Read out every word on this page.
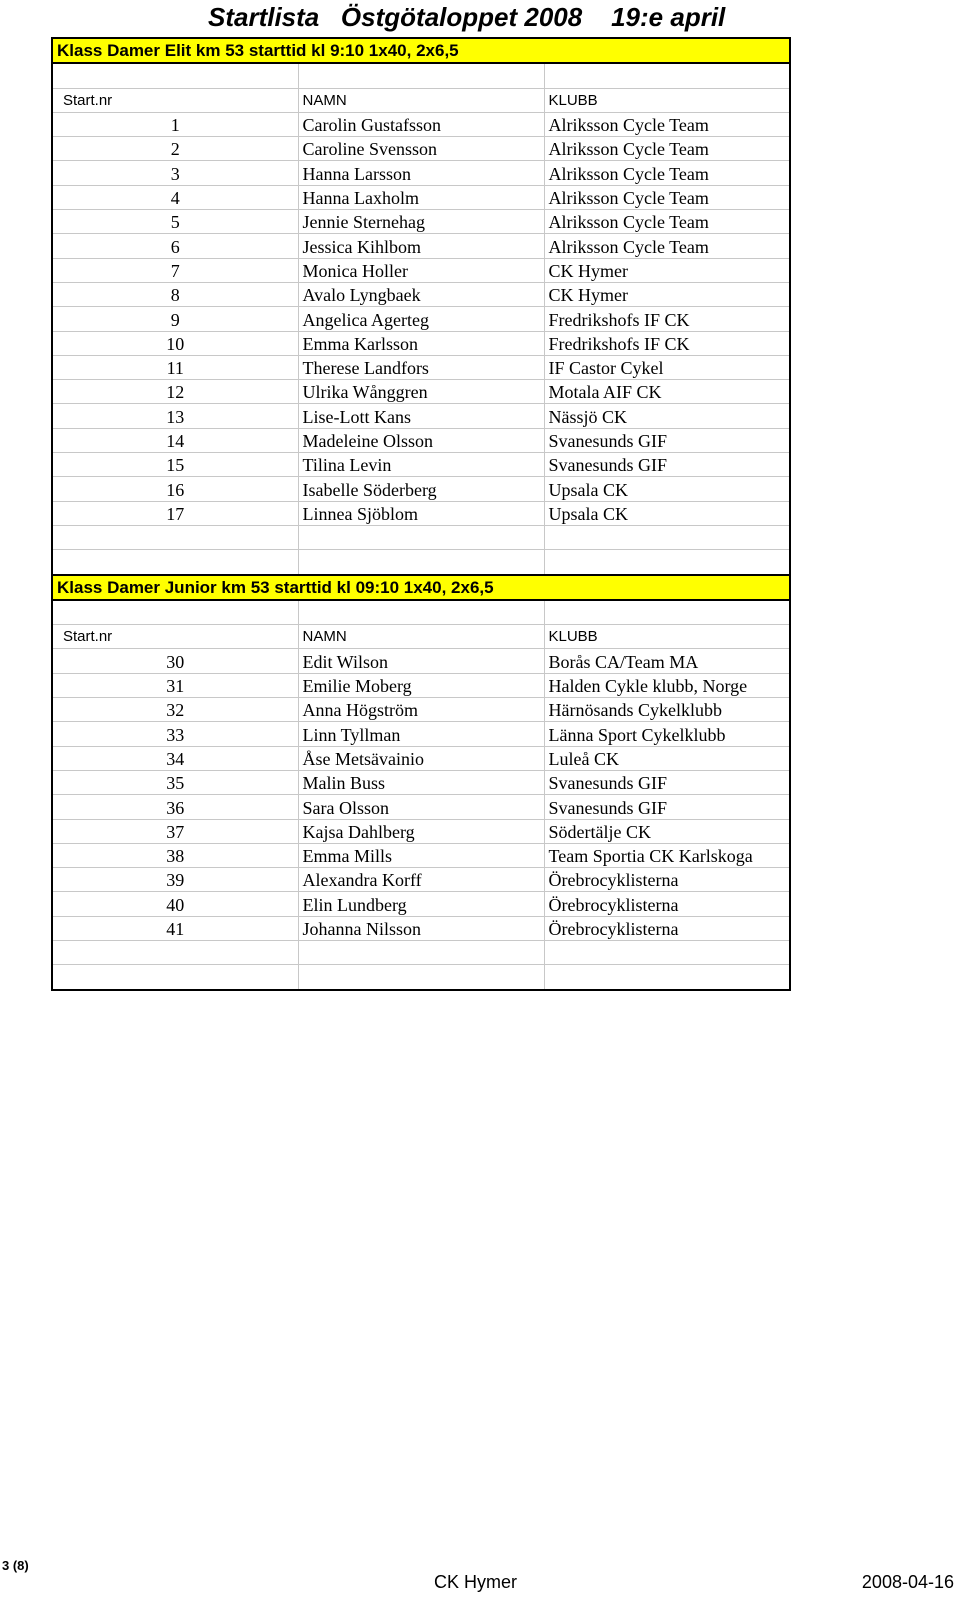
Startlista   Östgötaloppet 2008    19:e april
Klass Damer Elit km 53 starttid kl 9:10 1x40, 2x6,5		

Start.nr	NAMN	KLUBB
1	Carolin Gustafsson	Alriksson Cycle Team
2	Caroline Svensson	Alriksson Cycle Team
3	Hanna Larsson	Alriksson Cycle Team
4	Hanna Laxholm	Alriksson Cycle Team
5	Jennie Sternehag	Alriksson Cycle Team
6	Jessica Kihlbom	Alriksson Cycle Team
7	Monica Holler	CK Hymer
8	Avalo Lyngbaek	CK Hymer
9	Angelica Agerteg	Fredrikshofs IF CK
10	Emma Karlsson	Fredrikshofs IF CK
11	Therese Landfors	IF Castor Cykel
12	Ulrika Wånggren	Motala AIF CK
13	Lise-Lott Kans	Nässjö CK
14	Madeleine Olsson	Svanesunds GIF
15	Tilina Levin	Svanesunds GIF
16	Isabelle Söderberg	Upsala CK
17	Linnea Sjöblom	Upsala CK

Klass Damer Junior km 53 starttid kl 09:10 1x40, 2x6,5		

Start.nr	NAMN	KLUBB
30	Edit Wilson	Borås CA/Team MA
31	Emilie Moberg	Halden Cykle klubb, Norge
32	Anna Högström	Härnösands Cykelklubb
33	Linn Tyllman	Länna Sport Cykelklubb
34	Åse Metsävainio	Luleå CK
35	Malin Buss	Svanesunds GIF
36	Sara Olsson	Svanesunds GIF
37	Kajsa Dahlberg	Södertälje CK
38	Emma Mills	Team Sportia CK Karlskoga
39	Alexandra Korff	Örebrocyklisterna
40	Elin Lundberg	Örebrocyklisterna
41	Johanna Nilsson	Örebrocyklisterna

3 (8)
CK Hymer	2008-04-16
